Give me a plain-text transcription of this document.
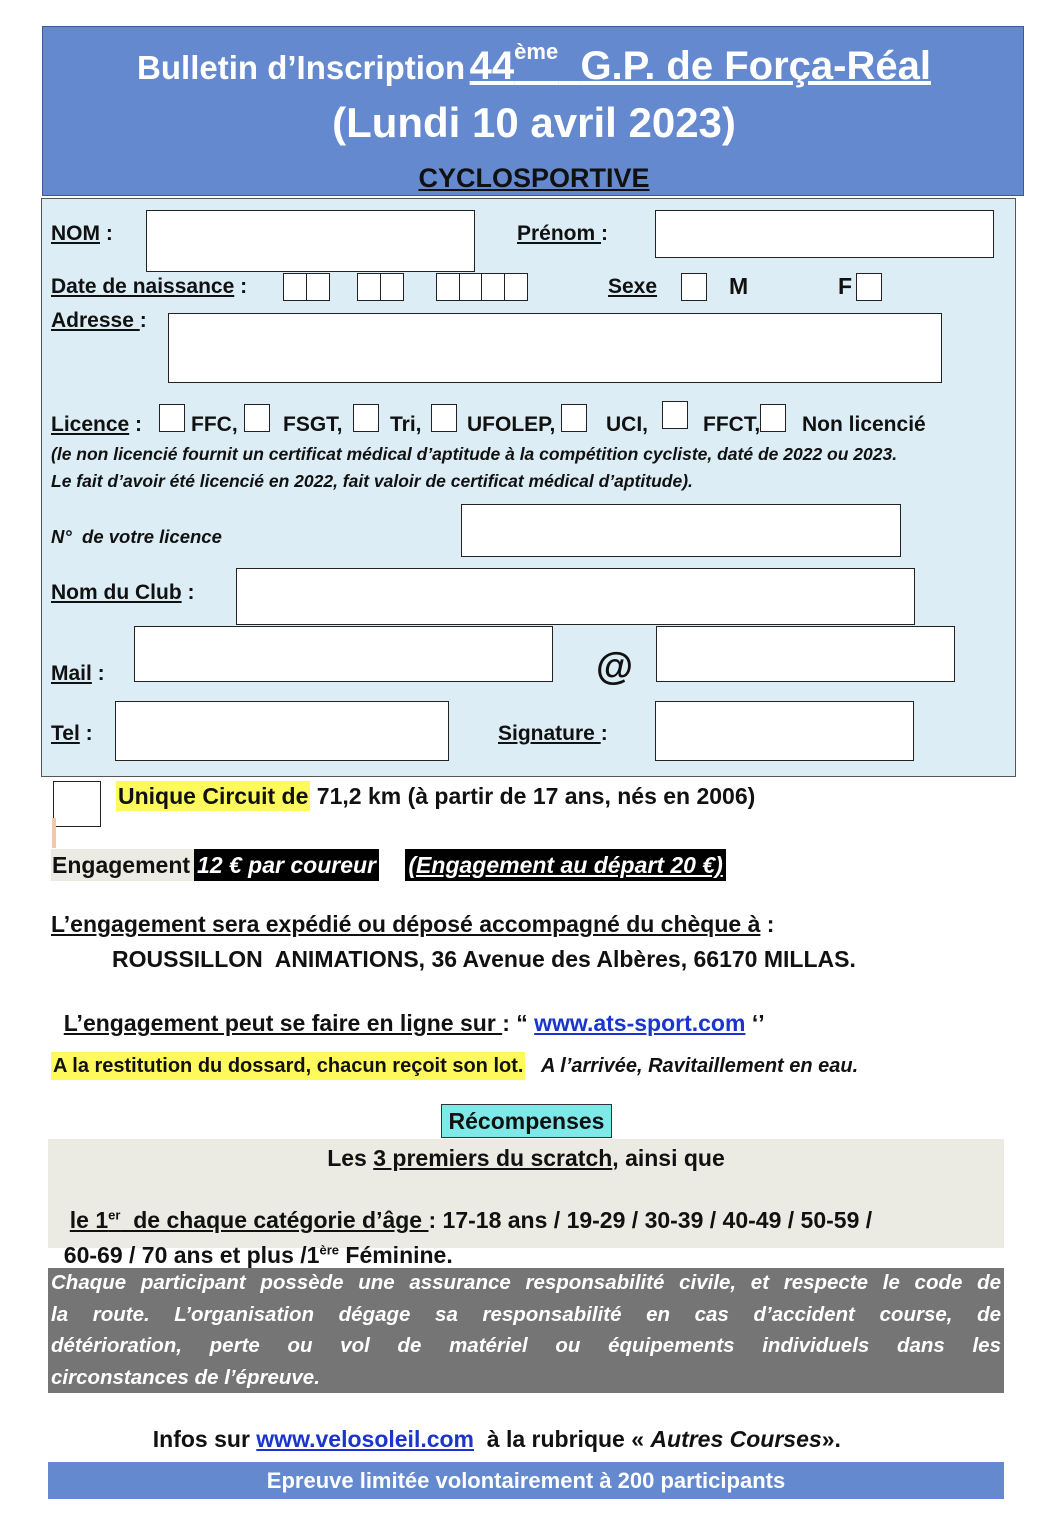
Bulletin d’Inscription 44ème G.P. de Força-Réal
(Lundi 10 avril 2023)
CYCLOSPORTIVE
NOM :	Prénom :
Date de naissance :	Sexe	M	F
Adresse :
Licence : FFC, FSGT, Tri, UFOLEP, UCI,	FFCT, Non licencié
(le non licencié fournit un certificat médical d’aptitude à la compétition cycliste, daté de 2022 ou 2023.
Le fait d’avoir été licencié en 2022, fait valoir de certificat médical d’aptitude).
N°  de votre licence
Nom du Club :
Mail :	@
Tel :	Signature :
Unique Circuit de 71,2 km (à partir de 17 ans, nés en 2006)
Engagement 12 € par coureur (Engagement au départ 20 €)
L’engagement sera expédié ou déposé accompagné du chèque à :
ROUSSILLON  ANIMATIONS, 36 Avenue des Albères, 66170 MILLAS.

L’engagement peut se faire en ligne sur : “ www.ats-sport.com ‘’

A la restitution du dossard, chacun reçoit son lot. A l’arrivée, Ravitaillement en eau.
Récompenses
Les 3 premiers du scratch, ainsi que

le 1er  de chaque catégorie d’âge : 17-18 ans / 19-29 / 30-39 / 40-49 / 50-59 /

60-69 / 70 ans et plus /1ère Féminine.

Chaque participant possède une assurance responsabilité civile, et respecte le code de
la route. L’organisation dégage sa responsabilité en cas d’accident course, de
détérioration, perte ou vol de matériel ou équipements individuels dans les
circonstances de l’épreuve.

Infos sur www.velosoleil.com  à la rubrique « Autres Courses».

Epreuve limitée volontairement à 200 participants
